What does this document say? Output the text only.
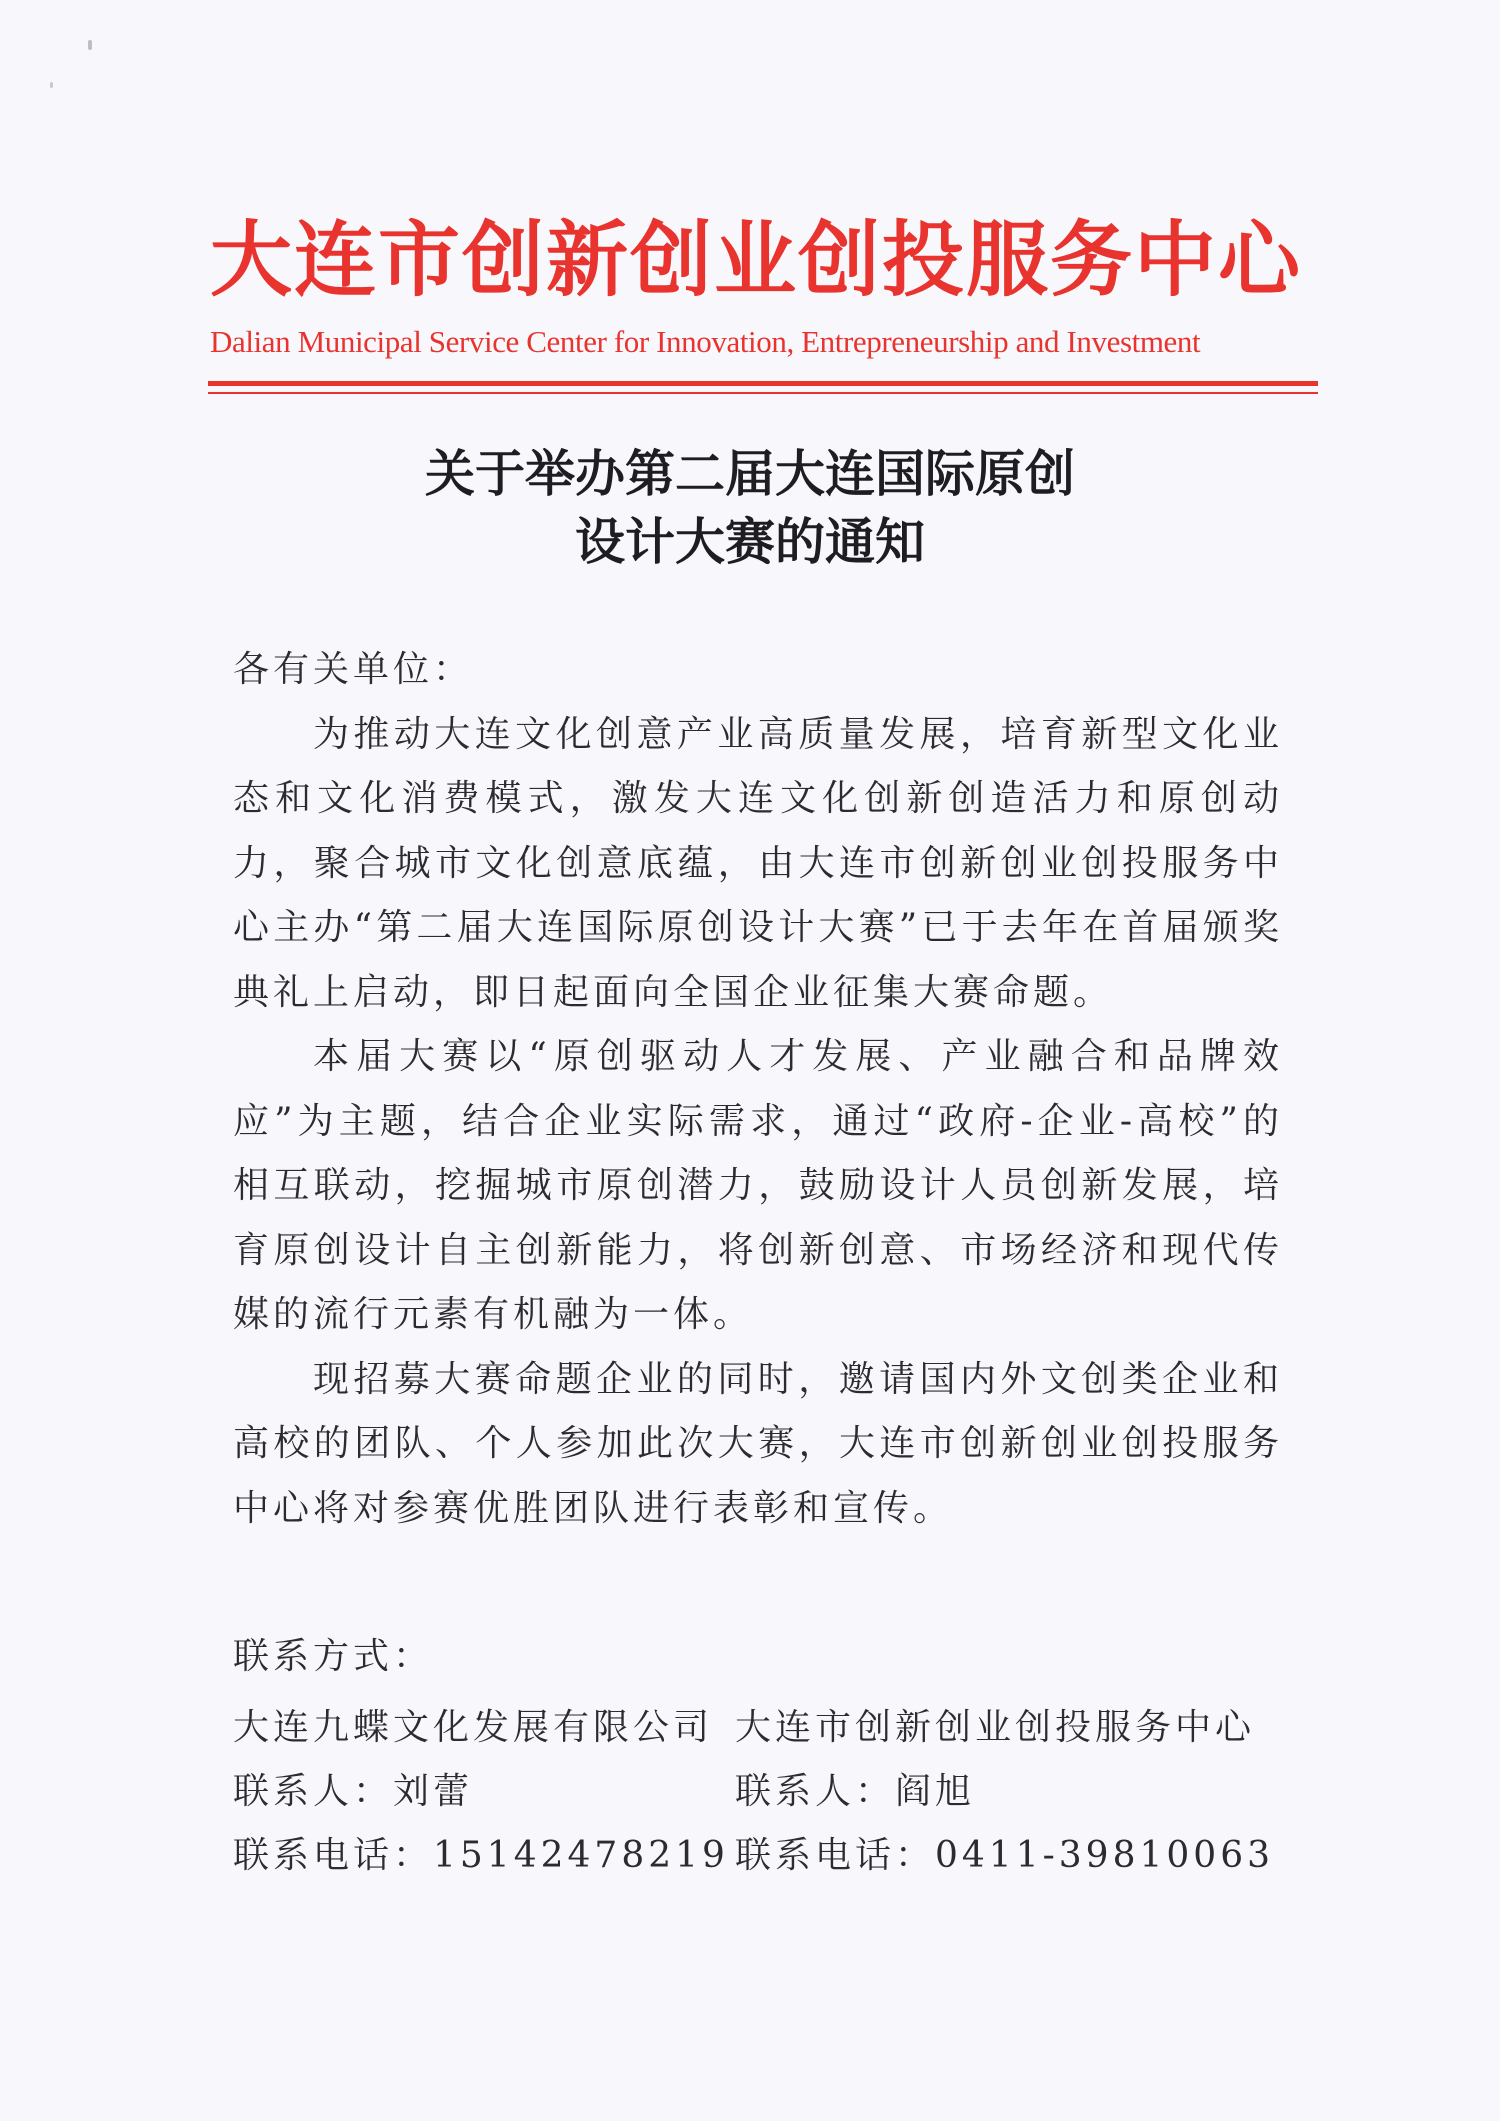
大连市创新创业创投服务中心
Dalian Municipal Service Center for Innovation, Entrepreneurship and Investment
关于举办第二届大连国际原创
设计大赛的通知

各有关单位：

为推动大连文化创意产业高质量发展，培育新型文化业态和文化消费模式，激发大连文化创新创造活力和原创动力，聚合城市文化创意底蕴，由大连市创新创业创投服务中心主办“第二届大连国际原创设计大赛”已于去年在首届颁奖典礼上启动，即日起面向全国企业征集大赛命题。

本届大赛以“原创驱动人才发展、产业融合和品牌效应”为主题，结合企业实际需求，通过“政府-企业-高校”的相互联动，挖掘城市原创潜力，鼓励设计人员创新发展，培育原创设计自主创新能力，将创新创意、市场经济和现代传媒的流行元素有机融为一体。

现招募大赛命题企业的同时，邀请国内外文创类企业和高校的团队、个人参加此次大赛，大连市创新创业创投服务中心将对参赛优胜团队进行表彰和宣传。

联系方式：

大连九蝶文化发展有限公司
联系人：刘蕾
联系电话：15142478219
大连市创新创业创投服务中心
联系人：阎旭
联系电话：0411-39810063
